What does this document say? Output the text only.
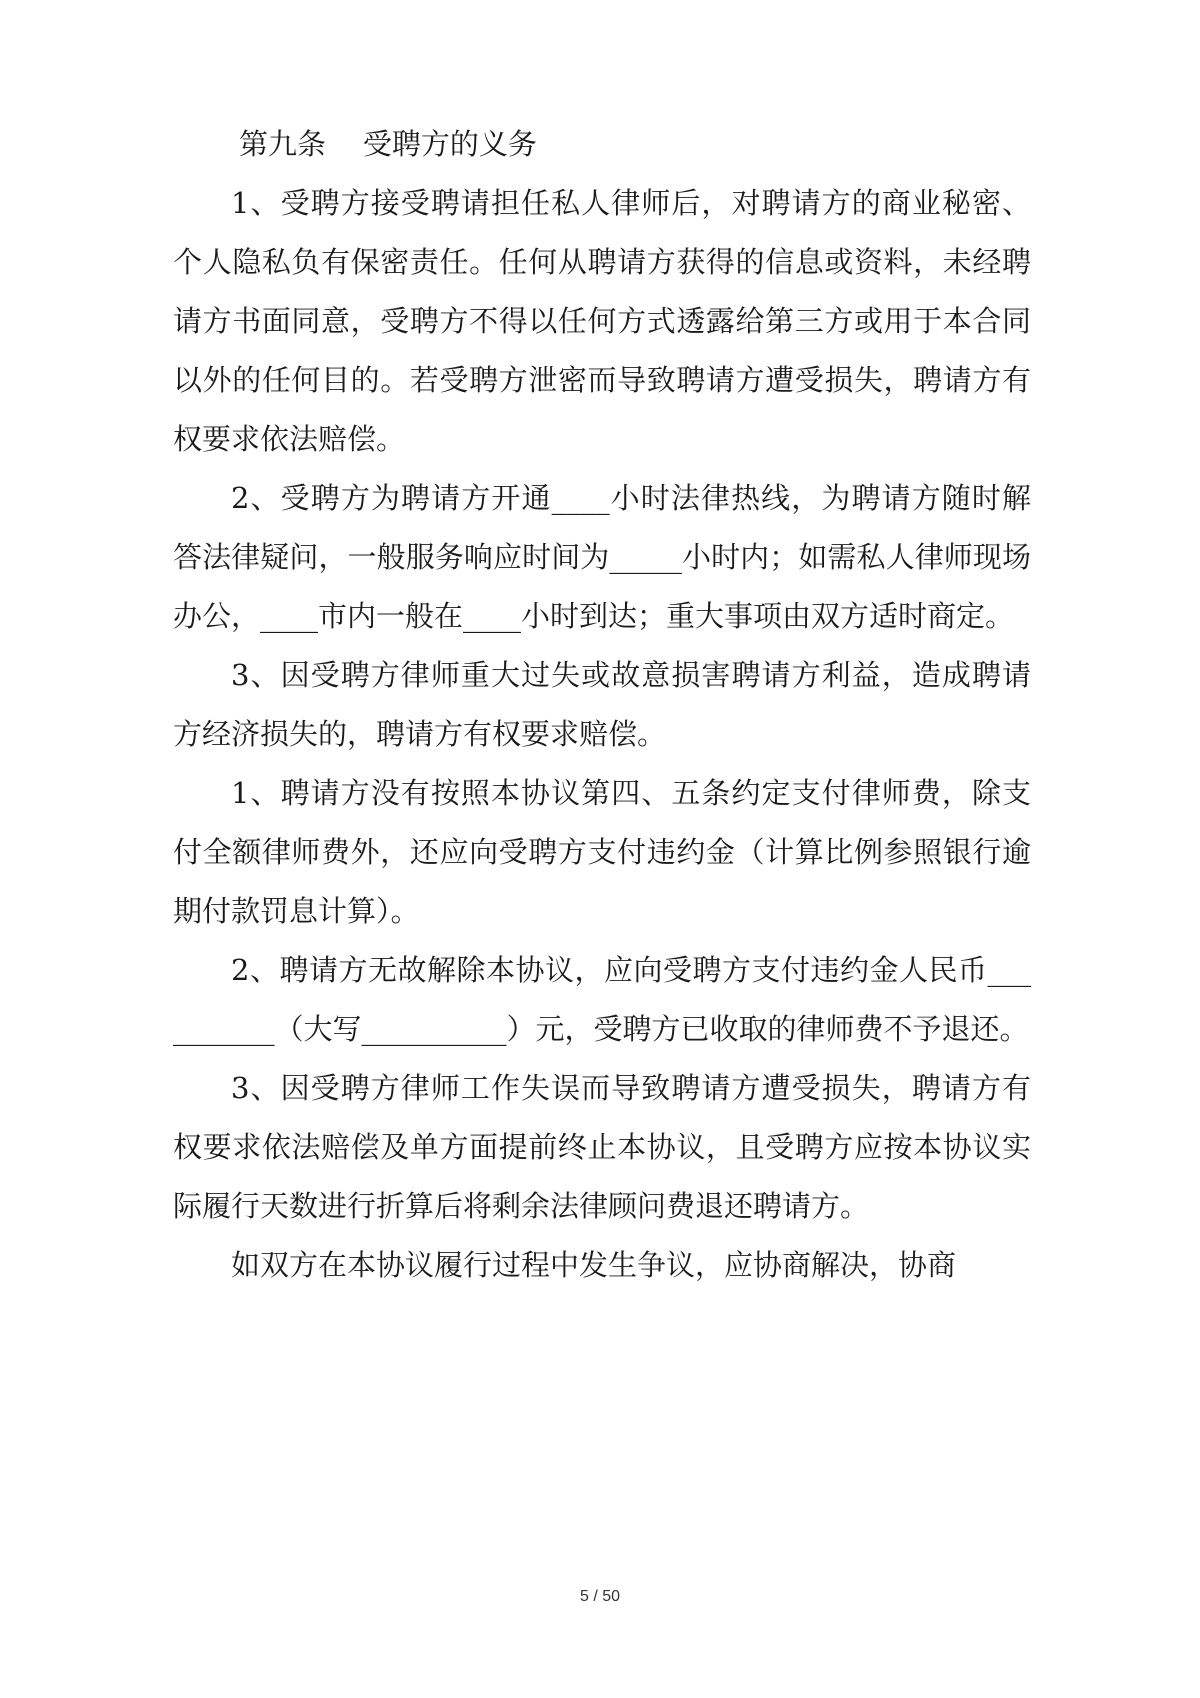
第九条    受聘方的义务

1、受聘方接受聘请担任私人律师后，对聘请方的商业秘密、个人隐私负有保密责任。任何从聘请方获得的信息或资料，未经聘请方书面同意，受聘方不得以任何方式透露给第三方或用于本合同以外的任何目的。若受聘方泄密而导致聘请方遭受损失，聘请方有权要求依法赔偿。

2、受聘方为聘请方开通____小时法律热线，为聘请方随时解答法律疑问，一般服务响应时间为_____小时内；如需私人律师现场办公，____市内一般在____小时到达；重大事项由双方适时商定。

3、因受聘方律师重大过失或故意损害聘请方利益，造成聘请方经济损失的，聘请方有权要求赔偿。

1、聘请方没有按照本协议第四、五条约定支付律师费，除支付全额律师费外，还应向受聘方支付违约金（计算比例参照银行逾期付款罚息计算）。

2、聘请方无故解除本协议，应向受聘方支付违约金人民币__________（大写__________）元，受聘方已收取的律师费不予退还。

3、因受聘方律师工作失误而导致聘请方遭受损失，聘请方有权要求依法赔偿及单方面提前终止本协议，且受聘方应按本协议实际履行天数进行折算后将剩余法律顾问费退还聘请方。

如双方在本协议履行过程中发生争议，应协商解决，协商

5 / 50
